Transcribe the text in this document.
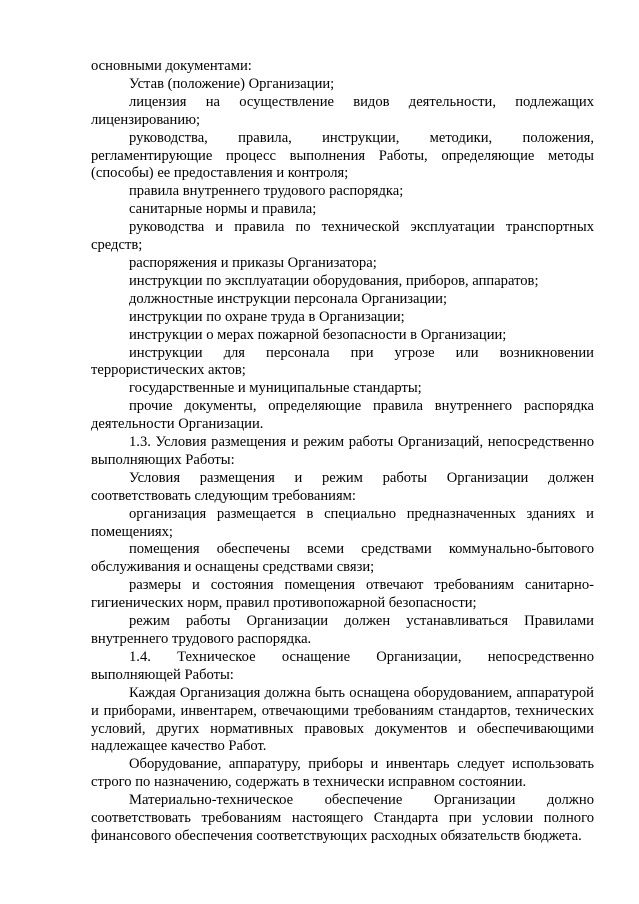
основными документами:

Устав (положение) Организации;

лицензия на осуществление видов деятельности, подлежащих лицензированию;

руководства, правила, инструкции, методики, положения, регламентирующие процесс выполнения Работы, определяющие методы (способы) ее предоставления и контроля;

правила внутреннего трудового распорядка;

санитарные нормы и правила;

руководства и правила по технической эксплуатации транспортных средств;

распоряжения и приказы Организатора;

инструкции по эксплуатации оборудования, приборов, аппаратов;

должностные инструкции персонала Организации;

инструкции по охране труда в Организации;

инструкции о мерах пожарной безопасности в Организации;

инструкции для персонала при угрозе или возникновении террористических актов;

государственные и муниципальные стандарты;

прочие документы, определяющие правила внутреннего распорядка деятельности Организации.

1.3. Условия размещения и режим работы Организаций, непосредственно выполняющих Работы:

Условия размещения и режим работы Организации должен соответствовать следующим требованиям:

организация размещается в специально предназначенных зданиях и помещениях;

помещения обеспечены всеми средствами коммунально-бытового обслуживания и оснащены средствами связи;

размеры и состояния помещения отвечают требованиям санитарно-гигиенических норм, правил противопожарной безопасности;

режим работы Организации должен устанавливаться Правилами внутреннего трудового распорядка.

1.4. Техническое оснащение Организации, непосредственно выполняющей Работы:

Каждая Организация должна быть оснащена оборудованием, аппаратурой и приборами, инвентарем, отвечающими требованиям стандартов, технических условий, других нормативных правовых документов и обеспечивающими надлежащее качество Работ.

Оборудование, аппаратуру, приборы и инвентарь следует использовать строго по назначению, содержать в технически исправном состоянии.

Материально-техническое обеспечение Организации должно соответствовать требованиям настоящего Стандарта при условии полного финансового обеспечения соответствующих расходных обязательств бюджета.
